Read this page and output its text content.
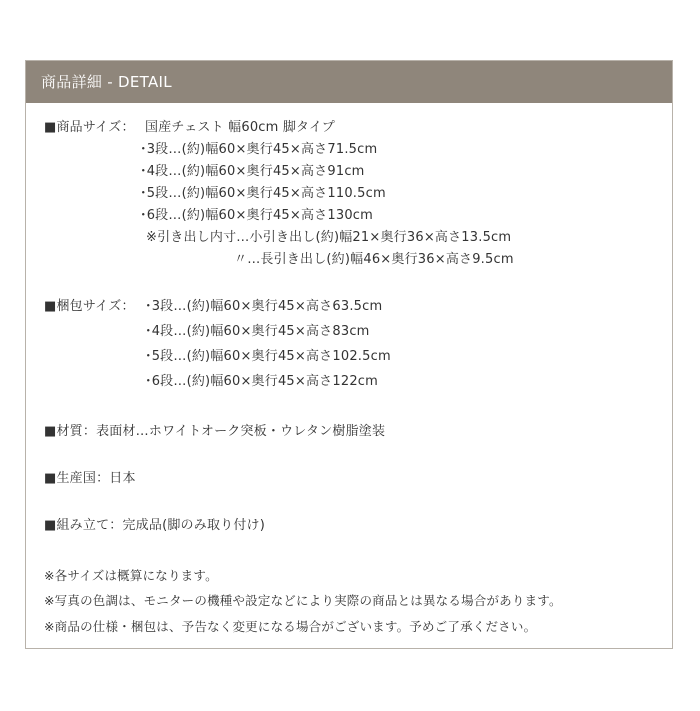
商品詳細 - DETAIL
■商品サイズ： 国産チェスト 幅60cm 脚タイプ
･3段…(約)幅60×奥行45×高さ71.5cm
･4段…(約)幅60×奥行45×高さ91cm
･5段…(約)幅60×奥行45×高さ110.5cm
･6段…(約)幅60×奥行45×高さ130cm
※引き出し内寸…小引き出し(約)幅21×奥行36×高さ13.5cm
〃…長引き出し(約)幅46×奥行36×高さ9.5cm
■梱包サイズ： ･3段…(約)幅60×奥行45×高さ63.5cm
･4段…(約)幅60×奥行45×高さ83cm
･5段…(約)幅60×奥行45×高さ102.5cm
･6段…(約)幅60×奥行45×高さ122cm
■材質：表面材…ホワイトオーク突板・ウレタン樹脂塗装
■生産国：日本
■組み立て：完成品(脚のみ取り付け)
※各サイズは概算になります。
※写真の色調は、モニターの機種や設定などにより実際の商品とは異なる場合があります。
※商品の仕様・梱包は、予告なく変更になる場合がございます。予めご了承ください。
